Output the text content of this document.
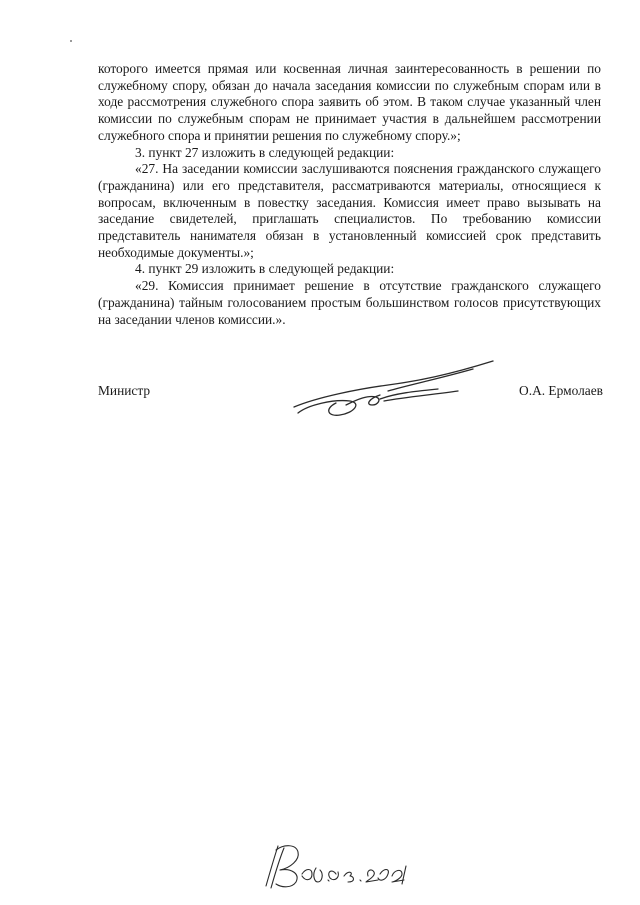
которого имеется прямая или косвенная личная заинтересованность в решении по служебному спору, обязан до начала заседания комиссии по служебным спорам или в ходе рассмотрения служебного спора заявить об этом. В таком случае указанный член комиссии по служебным спорам не принимает участия в дальнейшем рассмотрении служебного спора и принятии решения по служебному спору.»;

3. пункт 27 изложить в следующей редакции:

«27. На заседании комиссии заслушиваются пояснения гражданского служащего (гражданина) или его представителя, рассматриваются материалы, относящиеся к вопросам, включенным в повестку заседания. Комиссия имеет право вызывать на заседание свидетелей, приглашать специалистов. По требованию комиссии представитель нанимателя обязан в установленный комиссией срок представить необходимые документы.»;

4. пункт 29 изложить в следующей редакции:

«29. Комиссия принимает решение в отсутствие гражданского служащего (гражданина) тайным голосованием простым большинством голосов присутствующих на заседании членов комиссии.».

Министр	О.А. Ермолаев
